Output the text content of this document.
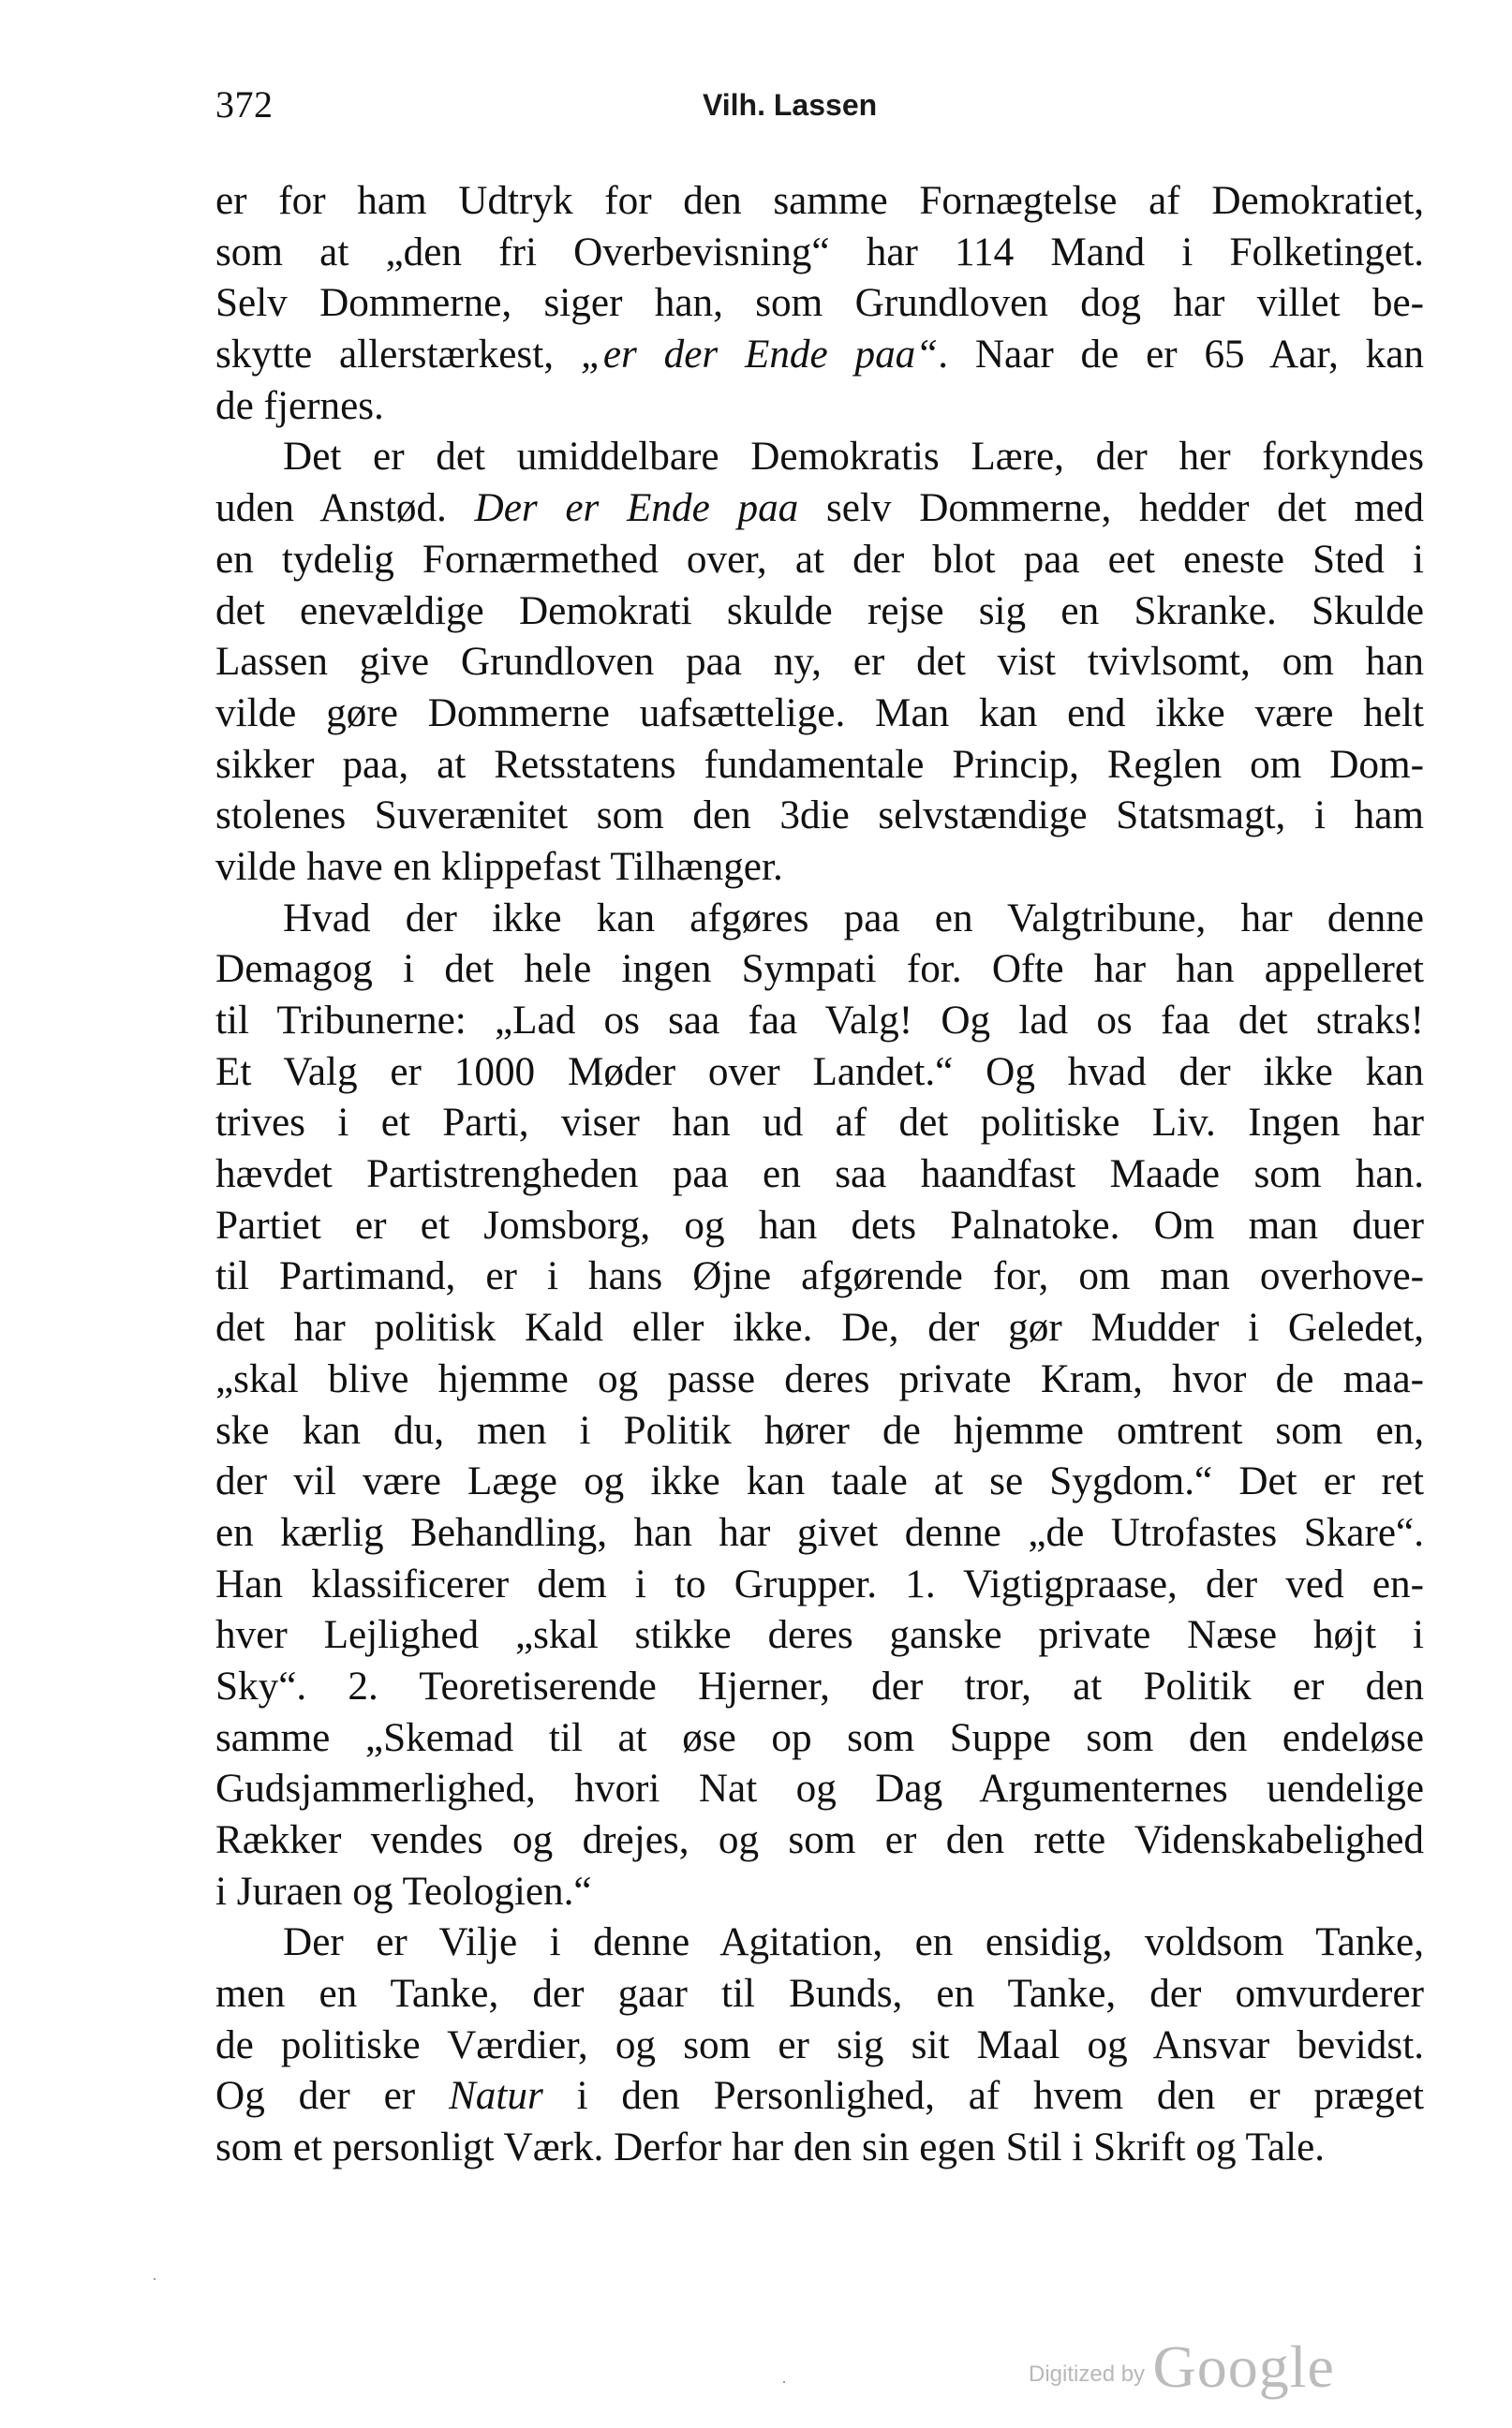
372	Vilh. Lassen
er for ham Udtryk for den samme Fornægtelse af Demokratiet,
som at „den fri Overbevisning“ har 114 Mand i Folketinget.
Selv Dommerne, siger han, som Grundloven dog har villet be-
skytte allerstærkest, „er der Ende paa“. Naar de er 65 Aar, kan
de fjernes.
Det er det umiddelbare Demokratis Lære, der her forkyndes
uden Anstød. Der er Ende paa selv Dommerne, hedder det med
en tydelig Fornærmethed over, at der blot paa eet eneste Sted i
det enevældige Demokrati skulde rejse sig en Skranke. Skulde
Lassen give Grundloven paa ny, er det vist tvivlsomt, om han
vilde gøre Dommerne uafsættelige. Man kan end ikke være helt
sikker paa, at Retsstatens fundamentale Princip, Reglen om Dom-
stolenes Suverænitet som den 3die selvstændige Statsmagt, i ham
vilde have en klippefast Tilhænger.
Hvad der ikke kan afgøres paa en Valgtribune, har denne
Demagog i det hele ingen Sympati for. Ofte har han appelleret
til Tribunerne: „Lad os saa faa Valg! Og lad os faa det straks!
Et Valg er 1000 Møder over Landet.“ Og hvad der ikke kan
trives i et Parti, viser han ud af det politiske Liv. Ingen har
hævdet Partistrengheden paa en saa haandfast Maade som han.
Partiet er et Jomsborg, og han dets Palnatoke. Om man duer
til Partimand, er i hans Øjne afgørende for, om man overhove-
det har politisk Kald eller ikke. De, der gør Mudder i Geledet,
„skal blive hjemme og passe deres private Kram, hvor de maa-
ske kan du, men i Politik hører de hjemme omtrent som en,
der vil være Læge og ikke kan taale at se Sygdom.“ Det er ret
en kærlig Behandling, han har givet denne „de Utrofastes Skare“.
Han klassificerer dem i to Grupper. 1. Vigtigpraase, der ved en-
hver Lejlighed „skal stikke deres ganske private Næse højt i
Sky“. 2. Teoretiserende Hjerner, der tror, at Politik er den
samme „Skemad til at øse op som Suppe som den endeløse
Gudsjammerlighed, hvori Nat og Dag Argumenternes uendelige
Rækker vendes og drejes, og som er den rette Videnskabelighed
i Juraen og Teologien.“
Der er Vilje i denne Agitation, en ensidig, voldsom Tanke,
men en Tanke, der gaar til Bunds, en Tanke, der omvurderer
de politiske Værdier, og som er sig sit Maal og Ansvar bevidst.
Og der er Natur i den Personlighed, af hvem den er præget
som et personligt Værk. Derfor har den sin egen Stil i Skrift og Tale.
Digitized by Google
